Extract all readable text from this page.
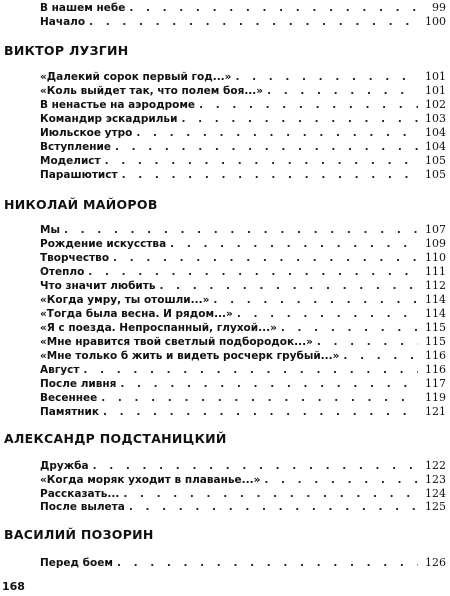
В нашем небе . . .	99
Начало . . .	100
ВИКТОР ЛУЗГИН
«Далекий сорок первый год...» . . .	101
«Коль выйдет так, что полем боя...» . . .	101
В ненастье на аэродроме . . .	102
Командир эскадрильи . . .	103
Июльское утро . . .	104
Вступление . . .	104
Моделист . . .	105
Парашютист . . .	105
НИКОЛАЙ МАЙОРОВ
Мы . . .	107
Рождение искусства . . .	109
Творчество . . .	110
Отепло . . .	111
Что значит любить . . .	112
«Когда умру, ты отошли...» . . .	114
«Тогда была весна. И рядом...» . . .	114
«Я с поезда. Непроспанный, глухой...» . . .	115
«Мне нравится твой светлый подбородок...» . . .	115
«Мне только б жить и видеть росчерк грубый...» . . .	116
Август . . .	116
После ливня . . .	117
Весеннее . . .	119
Памятник . . .	121
АЛЕКСАНДР ПОДСТАНИЦКИЙ
Дружба . . .	122
«Когда моряк уходит в плаванье...» . . .	123
Рассказать... . . .	124
После вылета . . .	125
ВАСИЛИЙ ПОЗОРИН
Перед боем . . .	126
168
